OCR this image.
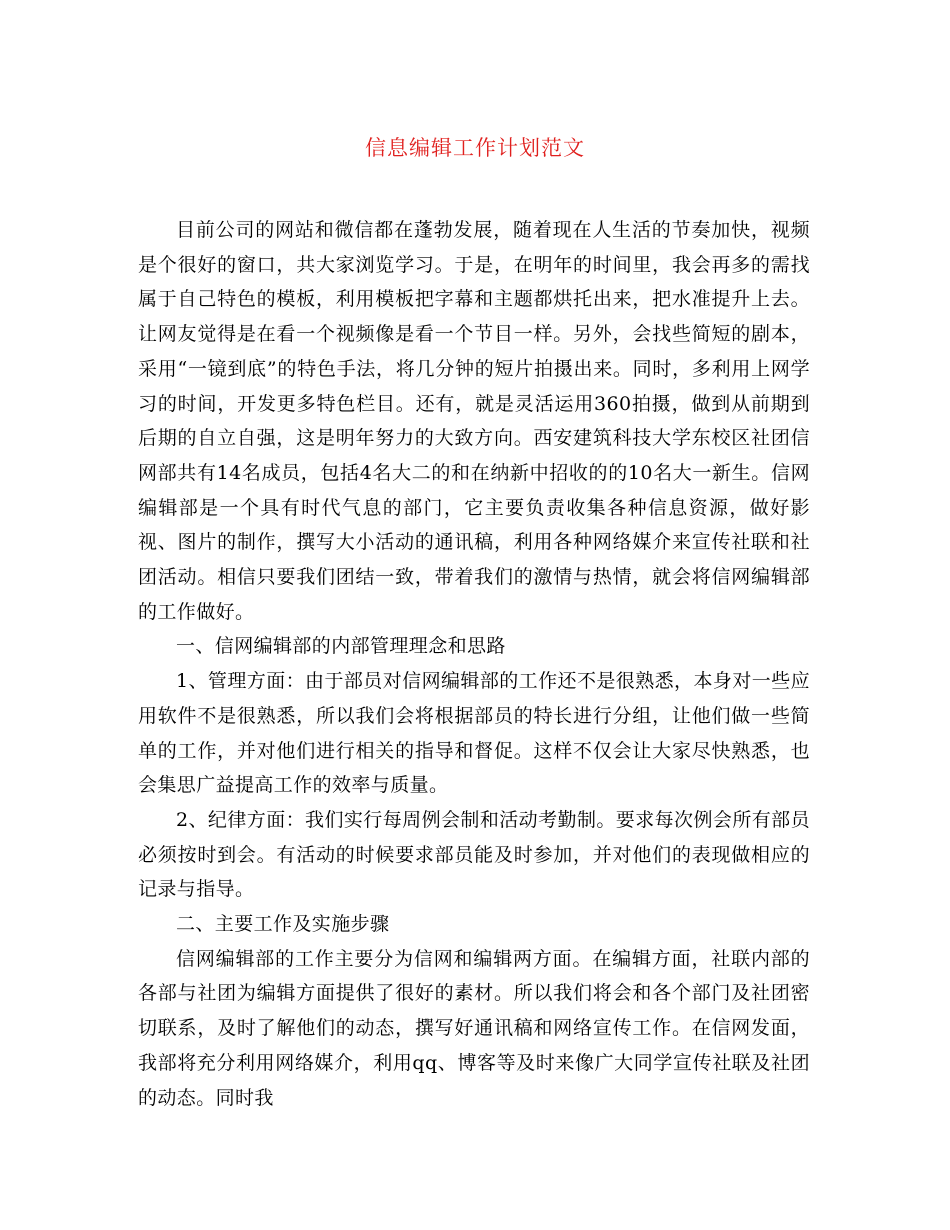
信息编辑工作计划范文

目前公司的网站和微信都在蓬勃发展，随着现在人生活的节奏加快，视频是个很好的窗口，共大家浏览学习。于是，在明年的时间里，我会再多的需找属于自己特色的模板，利用模板把字幕和主题都烘托出来，把水准提升上去。让网友觉得是在看一个视频像是看一个节目一样。另外，会找些简短的剧本，采用“一镜到底”的特色手法，将几分钟的短片拍摄出来。同时，多利用上网学习的时间，开发更多特色栏目。还有，就是灵活运用360拍摄，做到从前期到后期的自立自强，这是明年努力的大致方向。西安建筑科技大学东校区社团信网部共有14名成员，包括4名大二的和在纳新中招收的的10名大一新生。信网编辑部是一个具有时代气息的部门，它主要负责收集各种信息资源，做好影视、图片的制作，撰写大小活动的通讯稿，利用各种网络媒介来宣传社联和社团活动。相信只要我们团结一致，带着我们的激情与热情，就会将信网编辑部的工作做好。

一、信网编辑部的内部管理理念和思路

1、管理方面：由于部员对信网编辑部的工作还不是很熟悉，本身对一些应用软件不是很熟悉，所以我们会将根据部员的特长进行分组，让他们做一些简单的工作，并对他们进行相关的指导和督促。这样不仅会让大家尽快熟悉，也会集思广益提高工作的效率与质量。

2、纪律方面：我们实行每周例会制和活动考勤制。要求每次例会所有部员必须按时到会。有活动的时候要求部员能及时参加，并对他们的表现做相应的记录与指导。

二、主要工作及实施步骤

信网编辑部的工作主要分为信网和编辑两方面。在编辑方面，社联内部的各部与社团为编辑方面提供了很好的素材。所以我们将会和各个部门及社团密切联系，及时了解他们的动态，撰写好通讯稿和网络宣传工作。在信网发面，我部将充分利用网络媒介，利用qq、博客等及时来像广大同学宣传社联及社团的动态。同时我
